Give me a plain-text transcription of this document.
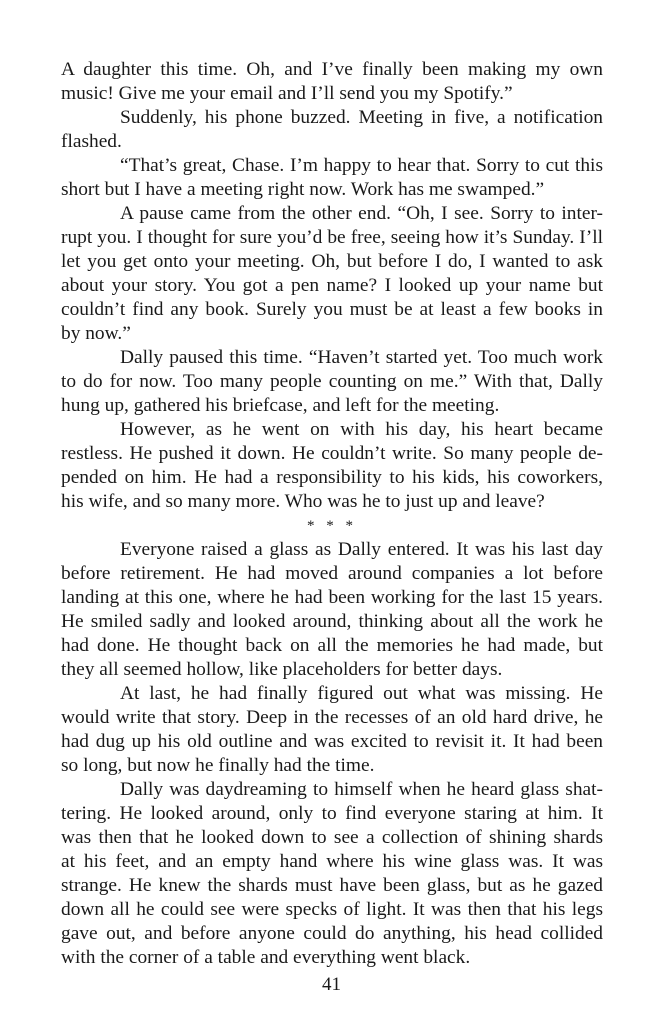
A daughter this time. Oh, and I’ve finally been making my own
music! Give me your email and I’ll send you my Spotify.”
Suddenly, his phone buzzed. Meeting in five, a notification
flashed.
“That’s great, Chase. I’m happy to hear that. Sorry to cut this
short but I have a meeting right now. Work has me swamped.”
A pause came from the other end. “Oh, I see. Sorry to inter-
rupt you. I thought for sure you’d be free, seeing how it’s Sunday. I’ll
let you get onto your meeting. Oh, but before I do, I wanted to ask
about your story. You got a pen name? I looked up your name but
couldn’t find any book. Surely you must be at least a few books in
by now.”
Dally paused this time. “Haven’t started yet. Too much work
to do for now. Too many people counting on me.” With that, Dally
hung up, gathered his briefcase, and left for the meeting.
However, as he went on with his day, his heart became
restless. He pushed it down. He couldn’t write. So many people de-
pended on him. He had a responsibility to his kids, his coworkers,
his wife, and so many more. Who was he to just up and leave?
* * *
Everyone raised a glass as Dally entered. It was his last day
before retirement. He had moved around companies a lot before
landing at this one, where he had been working for the last 15 years.
He smiled sadly and looked around, thinking about all the work he
had done. He thought back on all the memories he had made, but
they all seemed hollow, like placeholders for better days.
At last, he had finally figured out what was missing. He
would write that story. Deep in the recesses of an old hard drive, he
had dug up his old outline and was excited to revisit it. It had been
so long, but now he finally had the time.
Dally was daydreaming to himself when he heard glass shat-
tering. He looked around, only to find everyone staring at him. It
was then that he looked down to see a collection of shining shards
at his feet, and an empty hand where his wine glass was. It was
strange. He knew the shards must have been glass, but as he gazed
down all he could see were specks of light. It was then that his legs
gave out, and before anyone could do anything, his head collided
with the corner of a table and everything went black.
41
